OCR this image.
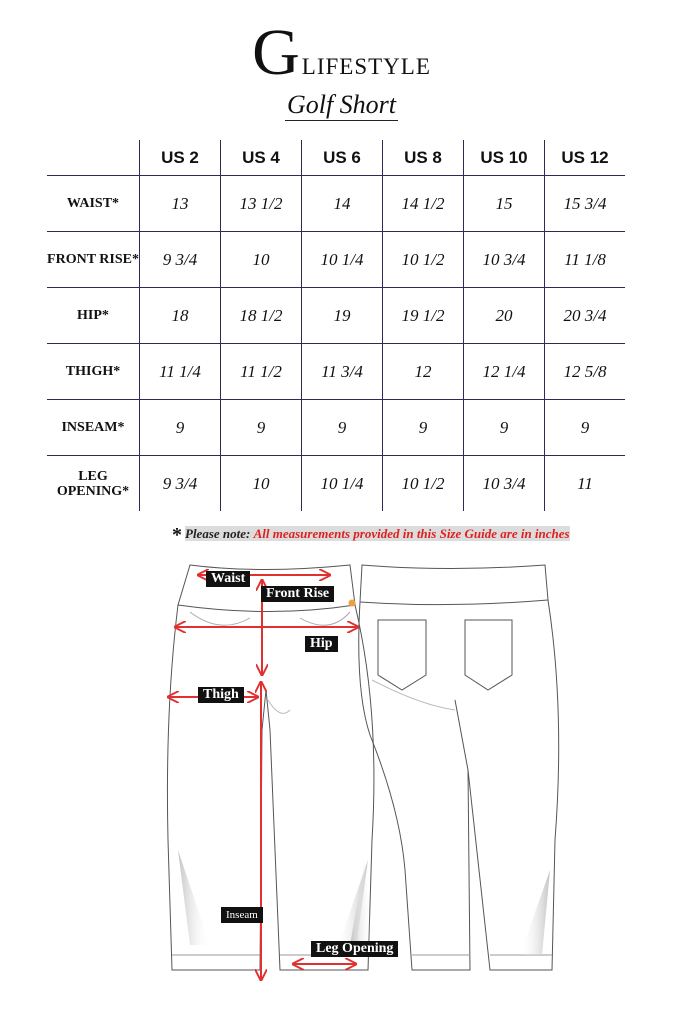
GLIFESTYLE
Golf Short
	US 2	US 4	US 6	US 8	US 10	US 12
WAIST*	13	13 1/2	14	14 1/2	15	15 3/4
FRONT RISE*	9 3/4	10	10 1/4	10 1/2	10 3/4	11 1/8
HIP*	18	18 1/2	19	19 1/2	20	20 3/4
THIGH*	11 1/4	11 1/2	11 3/4	12	12 1/4	12 5/8
INSEAM*	9	9	9	9	9	9
LEG OPENING*	9 3/4	10	10 1/4	10 1/2	10 3/4	11
* Please note: All measurements provided in this Size Guide are in inches
Waist
Front Rise
Hip
Thigh
Inseam
Leg Opening
